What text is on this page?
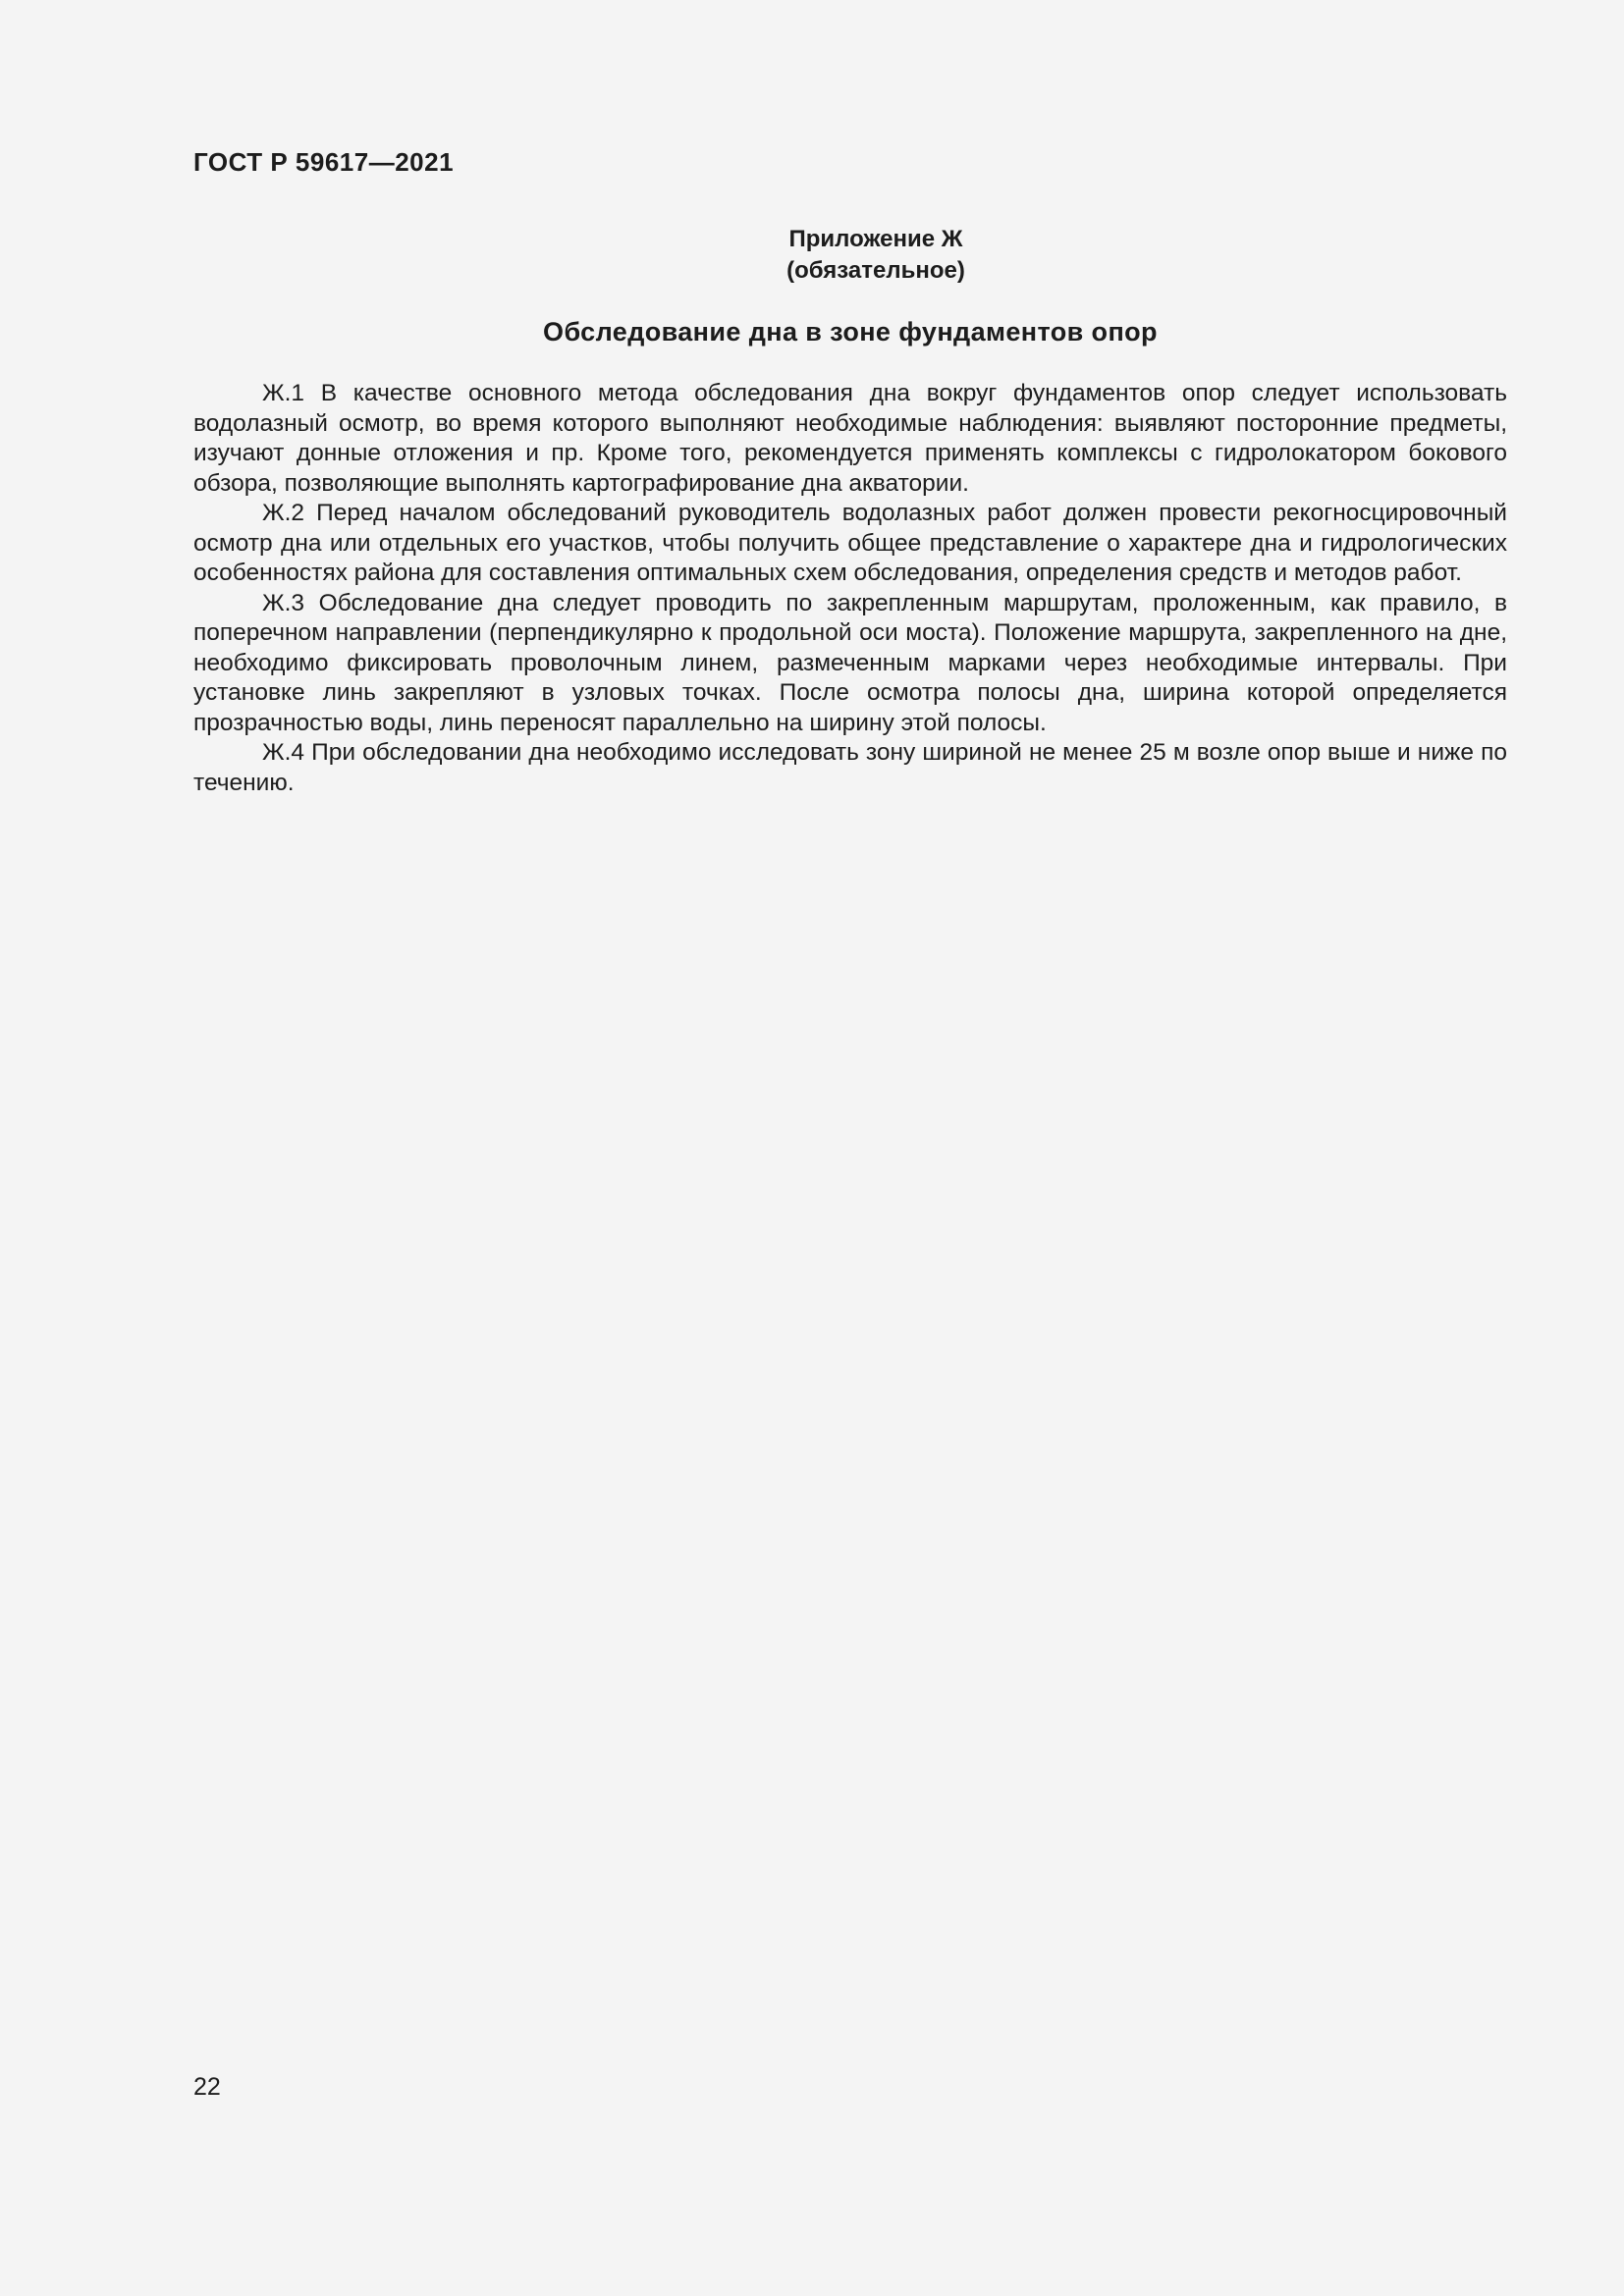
ГОСТ Р 59617—2021
Приложение Ж
(обязательное)
Обследование дна в зоне фундаментов опор

Ж.1 В качестве основного метода обследования дна вокруг фундаментов опор следует использовать водолазный осмотр, во время которого выполняют необходимые наблюдения: выявляют посторонние предметы, изучают донные отложения и пр. Кроме того, рекомендуется применять комплексы с гидролокатором бокового обзора, позволяющие выполнять картографирование дна акватории.

Ж.2 Перед началом обследований руководитель водолазных работ должен провести рекогносцировочный осмотр дна или отдельных его участков, чтобы получить общее представление о характере дна и гидрологических особенностях района для составления оптимальных схем обследования, определения средств и методов работ.

Ж.3 Обследование дна следует проводить по закрепленным маршрутам, проложенным, как правило, в поперечном направлении (перпендикулярно к продольной оси моста). Положение маршрута, закрепленного на дне, необходимо фиксировать проволочным линем, размеченным марками через необходимые интервалы. При установке линь закрепляют в узловых точках. После осмотра полосы дна, ширина которой определяется прозрачностью воды, линь переносят параллельно на ширину этой полосы.

Ж.4 При обследовании дна необходимо исследовать зону шириной не менее 25 м возле опор выше и ниже по течению.

22
